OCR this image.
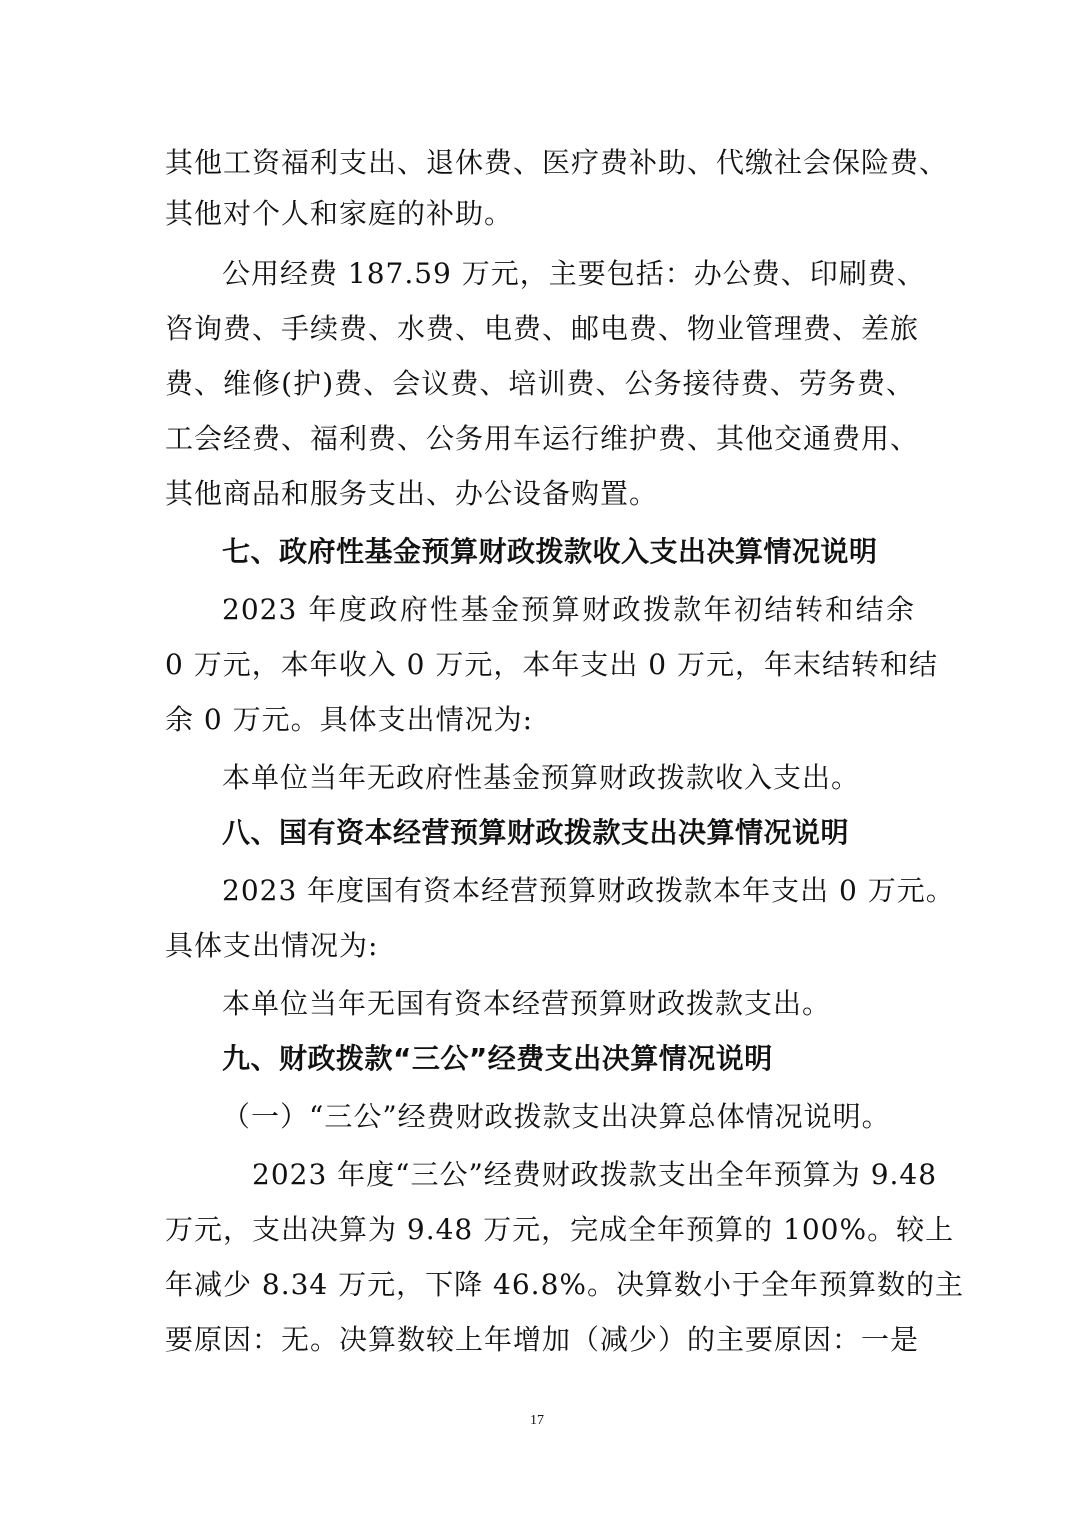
其他工资福利支出、退休费、医疗费补助、代缴社会保险费、
其他对个人和家庭的补助。
公用经费 187.59 万元，主要包括：办公费、印刷费、
咨询费、手续费、水费、电费、邮电费、物业管理费、差旅
费、维修(护)费、会议费、培训费、公务接待费、劳务费、
工会经费、福利费、公务用车运行维护费、其他交通费用、
其他商品和服务支出、办公设备购置。
七、政府性基金预算财政拨款收入支出决算情况说明
2023 年度政府性基金预算财政拨款年初结转和结余
0 万元，本年收入 0 万元，本年支出 0 万元，年末结转和结
余 0 万元。具体支出情况为:
本单位当年无政府性基金预算财政拨款收入支出。
八、国有资本经营预算财政拨款支出决算情况说明
2023 年度国有资本经营预算财政拨款本年支出 0 万元。
具体支出情况为:
本单位当年无国有资本经营预算财政拨款支出。
九、财政拨款“三公”经费支出决算情况说明
（一）“三公”经费财政拨款支出决算总体情况说明。
2023 年度“三公”经费财政拨款支出全年预算为 9.48
万元，支出决算为 9.48 万元，完成全年预算的 100%。较上
年减少 8.34 万元，下降 46.8%。决算数小于全年预算数的主
要原因：无。决算数较上年增加（减少）的主要原因：一是
17
